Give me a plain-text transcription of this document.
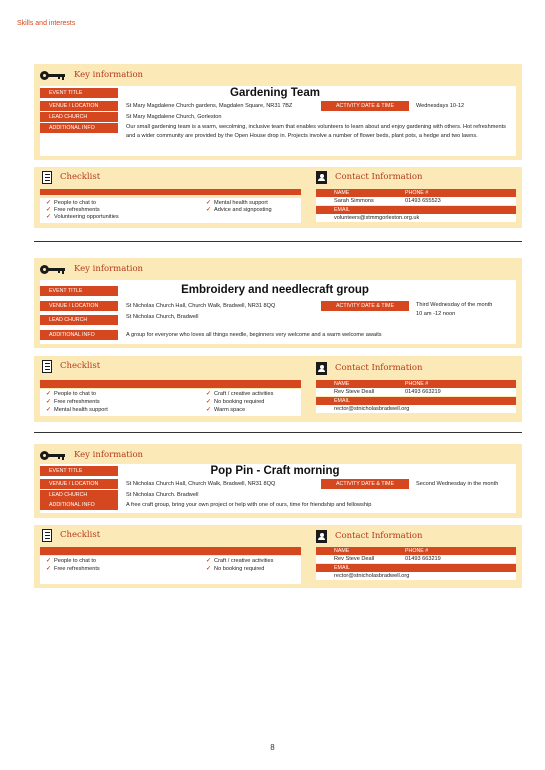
Skills and interests
Key information
EVENT TITLE	Gardening Team
VENUE / LOCATION	St Mary Magdalene Church gardens, Magdalen Square, NR31 7BZ	ACTIVITY DATE & TIME	Wednesdays 10-12
LEAD CHURCH	St Mary Magdalene Church, Gorleston
ADDITIONAL INFO	Our small gardening team is a warm, wecolming, inclusive team that enables volunteers to learn about and enjoy gardening with others. Hot refreshments and a wider community are provided by the Open House drop in. Projects involve a number of flower beds, plant pots, a hedge and two lawns.
Checklist
✓ People to chat to
✓ Free refreshments
✓ Volunteering opportunities
✓ Mental health support
✓ Advice and signposting
Contact Information
NAME	PHONE #
Sarah Simmons	01493 655523
EMAIL
volunteers@stmmgorleston.org.uk
Key information
EVENT TITLE	Embroidery and needlecraft group
VENUE / LOCATION	St Nicholas Church Hall, Church Walk, Bradwell, NR31 8QQ	ACTIVITY DATE & TIME	Third Wednesday of the month
10 am -12 noon
LEAD CHURCH	St Nicholas Church, Bradwell
ADDITIONAL INFO	A group for everyone who loves all things needle, beginners very welcome and a warm welcome awaits
Checklist
✓ People to chat to
✓ Free refreshments
✓ Mental health support
✓ Craft / creative activities
✓ No booking required
✓ Warm space
Contact Information
NAME	PHONE #
Rev Steve Deall	01493 663219
EMAIL
rector@stnicholasbradwell.org
Key information
EVENT TITLE	Pop Pin - Craft morning
VENUE / LOCATION	St Nicholas Church Hall, Church Walk, Bradwell, NR31 8QQ	ACTIVITY DATE & TIME	Second Wednesday in the month
LEAD CHURCH	St Nicholas Church. Bradwell
ADDITIONAL INFO	A free craft group, bring your own project or help with one of ours, time for friendship and fellowship
Checklist
✓ People to chat to
✓ Free refreshments
✓ Craft / creative activities
✓ No booking required
Contact Information
NAME	PHONE #
Rev Steve Deall	01493 663219
EMAIL
rector@stnicholasbradwell.org
8
